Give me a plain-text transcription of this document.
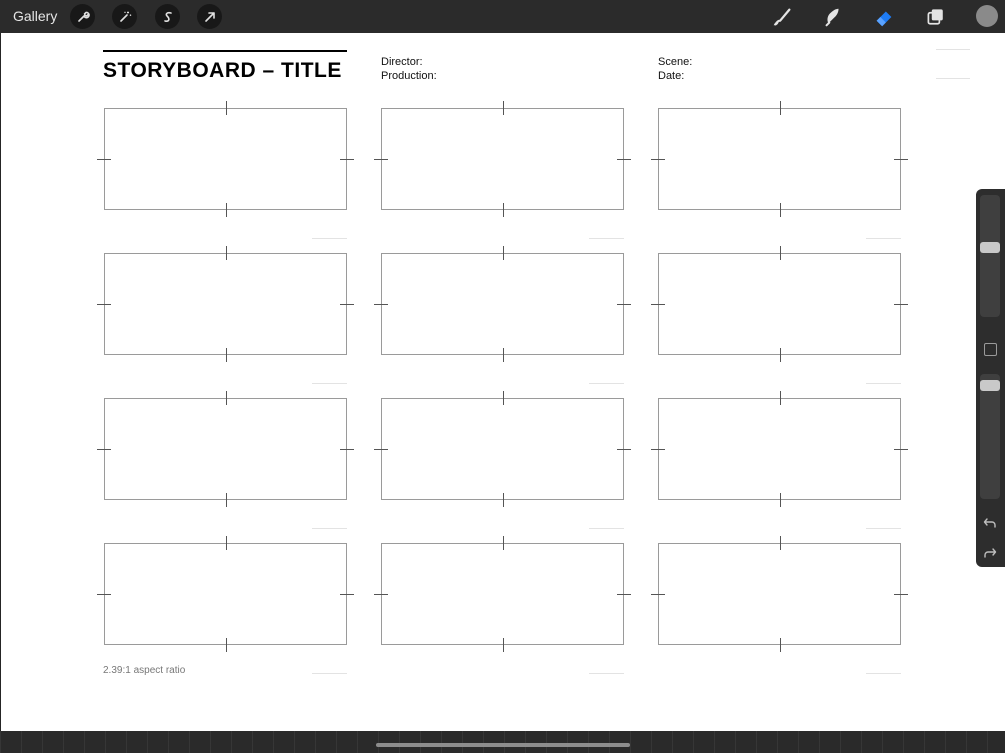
Gallery
STORYBOARD – TITLE	Director:
Production:
Scene:
Date:
2.39:1 aspect ratio
